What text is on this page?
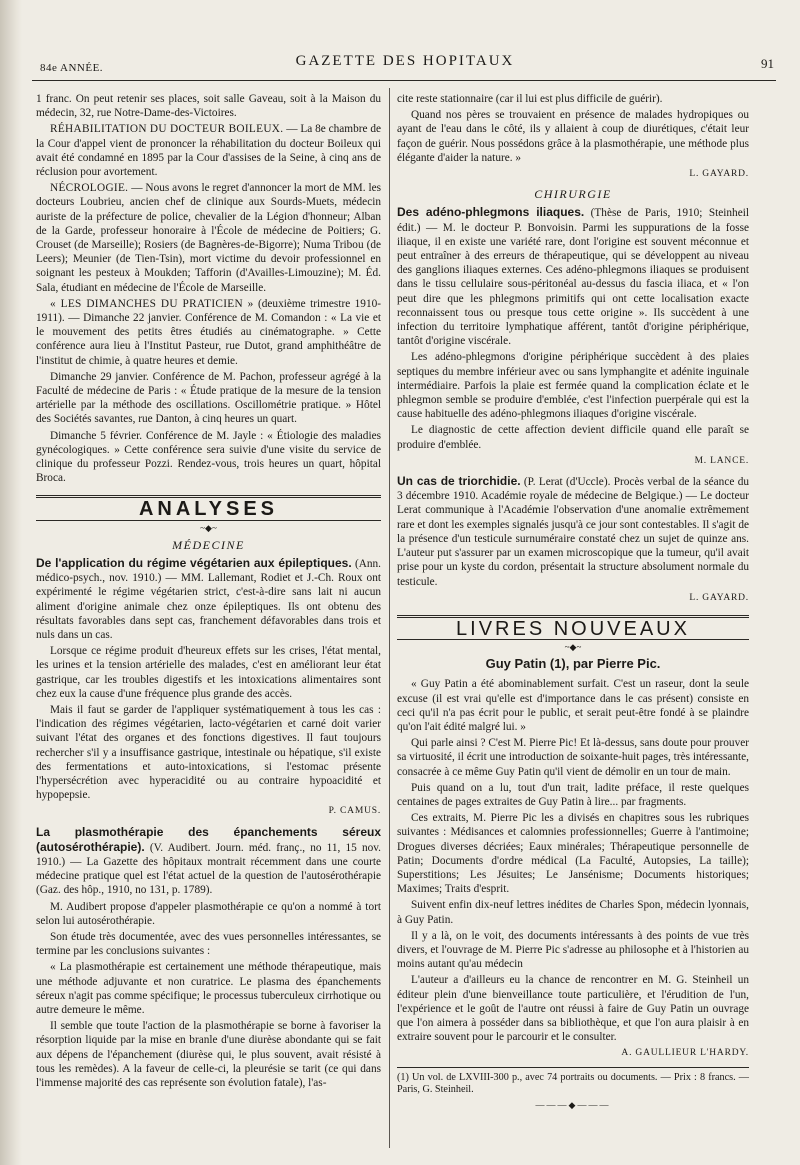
84e ANNÉE.	GAZETTE DES HOPITAUX	91

1 franc. On peut retenir ses places, soit salle Gaveau, soit à la Maison du médecin, 32, rue Notre-Dame-des-Victoires.

RÉHABILITATION DU DOCTEUR BOILEUX. — La 8e chambre de la Cour d'appel vient de prononcer la réhabilitation du docteur Boileux qui avait été condamné en 1895 par la Cour d'assises de la Seine, à cinq ans de réclusion pour avortement.

NÉCROLOGIE. — Nous avons le regret d'annoncer la mort de MM. les docteurs Loubrieu, ancien chef de clinique aux Sourds-Muets, médecin auriste de la préfecture de police, chevalier de la Légion d'honneur; Alban de la Garde, professeur honoraire à l'École de médecine de Poitiers; G. Crouset (de Marseille); Rosiers (de Bagnères-de-Bigorre); Numa Tribou (de Leers); Meunier (de Tien-Tsin), mort victime du devoir professionnel en soignant les pesteux à Moukden; Tafforin (d'Availles-Limouzine); M. Éd. Sala, étudiant en médecine de l'École de Marseille.

« LES DIMANCHES DU PRATICIEN » (deuxième trimestre 1910-1911). — Dimanche 22 janvier. Conférence de M. Comandon : « La vie et le mouvement des petits êtres étudiés au cinématographe. » Cette conférence aura lieu à l'Institut Pasteur, rue Dutot, grand amphithéâtre de l'institut de chimie, à quatre heures et demie.

Dimanche 29 janvier. Conférence de M. Pachon, professeur agrégé à la Faculté de médecine de Paris : « Étude pratique de la mesure de la tension artérielle par la méthode des oscillations. Oscillométrie pratique. » Hôtel des Sociétés savantes, rue Danton, à cinq heures un quart.

Dimanche 5 février. Conférence de M. Jayle : « Étiologie des maladies gynécologiques. » Cette conférence sera suivie d'une visite du service de clinique du professeur Pozzi. Rendez-vous, trois heures un quart, hôpital Broca.

ANALYSES
~◆~
MÉDECINE

De l'application du régime végétarien aux épileptiques. (Ann. médico-psych., nov. 1910.) — MM. Lallemant, Rodiet et J.-Ch. Roux ont expérimenté le régime végétarien strict, c'est-à-dire sans lait ni aucun aliment d'origine animale chez onze épileptiques. Ils ont obtenu des résultats favorables dans sept cas, franchement défavorables dans trois et nuls dans un cas.

Lorsque ce régime produit d'heureux effets sur les crises, l'état mental, les urines et la tension artérielle des malades, c'est en améliorant leur état gastrique, car les troubles digestifs et les intoxications alimentaires sont chez eux la cause d'une fréquence plus grande des accès.

Mais il faut se garder de l'appliquer systématiquement à tous les cas : l'indication des régimes végétarien, lacto-végétarien et carné doit varier suivant l'état des organes et des fonctions digestives. Il faut toujours rechercher s'il y a insuffisance gastrique, intestinale ou hépatique, s'il existe des fermentations et auto-intoxications, si l'estomac présente l'hypersécrétion avec hyperacidité ou au contraire hypoacidité et hypopepsie.

P. CAMUS.

La plasmothérapie des épanchements séreux (autosérothérapie). (V. Audibert. Journ. méd. franç., no 11, 15 nov. 1910.) — La Gazette des hôpitaux montrait récemment dans une courte médecine pratique quel est l'état actuel de la question de l'autosérothérapie (Gaz. des hôp., 1910, no 131, p. 1789).

M. Audibert propose d'appeler plasmothérapie ce qu'on a nommé à tort selon lui autosérothérapie.

Son étude très documentée, avec des vues personnelles intéressantes, se termine par les conclusions suivantes :

« La plasmothérapie est certainement une méthode thérapeutique, mais une méthode adjuvante et non curatrice. Le plasma des épanchements séreux n'agit pas comme spécifique; le processus tuberculeux cirrhotique ou autre demeure le même.

Il semble que toute l'action de la plasmothérapie se borne à favoriser la résorption liquide par la mise en branle d'une diurèse abondante qui se fait aux dépens de l'épanchement (diurèse qui, le plus souvent, avait résisté à tous les remèdes). A la faveur de celle-ci, la pleurésie se tarit (ce qui dans l'immense majorité des cas représente son évolution fatale), l'as-

cite reste stationnaire (car il lui est plus difficile de guérir).

Quand nos pères se trouvaient en présence de malades hydropiques ou ayant de l'eau dans le côté, ils y allaient à coup de diurétiques, c'était leur façon de guérir. Nous possédons grâce à la plasmothérapie, une méthode plus élégante d'aider la nature. »

L. GAYARD.

CHIRURGIE

Des adéno-phlegmons iliaques. (Thèse de Paris, 1910; Steinheil édit.) — M. le docteur P. Bonvoisin. Parmi les suppurations de la fosse iliaque, il en existe une variété rare, dont l'origine est souvent méconnue et peut entraîner à des erreurs de thérapeutique, qui se développent au niveau des ganglions iliaques externes. Ces adéno-phlegmons iliaques se produisent dans le tissu cellulaire sous-péritonéal au-dessus du fascia iliaca, et « l'on peut dire que les phlegmons primitifs qui ont cette localisation exacte reconnaissent tous ou presque tous cette origine ». Ils succèdent à une infection du territoire lymphatique afférent, tantôt d'origine périphérique, tantôt d'origine viscérale.

Les adéno-phlegmons d'origine périphérique succèdent à des plaies septiques du membre inférieur avec ou sans lymphangite et adénite inguinale intermédiaire. Parfois la plaie est fermée quand la complication éclate et le phlegmon semble se produire d'emblée, c'est l'infection puerpérale qui est la cause habituelle des adéno-phlegmons iliaques d'origine viscérale.

Le diagnostic de cette affection devient difficile quand elle paraît se produire d'emblée.

M. LANCE.

Un cas de triorchidie. (P. Lerat (d'Uccle). Procès verbal de la séance du 3 décembre 1910. Académie royale de médecine de Belgique.) — Le docteur Lerat communique à l'Académie l'observation d'une anomalie extrêmement rare et dont les exemples signalés jusqu'à ce jour sont contestables. Il s'agit de la présence d'un testicule surnuméraire constaté chez un sujet de quinze ans. L'auteur put s'assurer par un examen microscopique que la tumeur, qu'il avait prise pour un kyste du cordon, présentait la structure absolument normale du testicule.

L. GAYARD.

LIVRES NOUVEAUX
~◆~
Guy Patin (1), par Pierre Pic.

« Guy Patin a été abominablement surfait. C'est un raseur, dont la seule excuse (il est vrai qu'elle est d'importance dans le cas présent) consiste en ceci qu'il n'a pas écrit pour le public, et serait peut-être fondé à se plaindre qu'on l'ait édité malgré lui. »

Qui parle ainsi ? C'est M. Pierre Pic! Et là-dessus, sans doute pour prouver sa virtuosité, il écrit une introduction de soixante-huit pages, très intéressante, consacrée à ce même Guy Patin qu'il vient de démolir en un tour de main.

Puis quand on a lu, tout d'un trait, ladite préface, il reste quelques centaines de pages extraites de Guy Patin à lire... par fragments.

Ces extraits, M. Pierre Pic les a divisés en chapitres sous les rubriques suivantes : Médisances et calomnies professionnelles; Guerre à l'antimoine; Drogues diverses décriées; Eaux minérales; Thérapeutique personnelle de Patin; Documents d'ordre médical (La Faculté, Autopsies, La taille); Superstitions; Les Jésuites; Le Jansénisme; Documents historiques; Maximes; Traits d'esprit.

Suivent enfin dix-neuf lettres inédites de Charles Spon, médecin lyonnais, à Guy Patin.

Il y a là, on le voit, des documents intéressants à des points de vue très divers, et l'ouvrage de M. Pierre Pic s'adresse au philosophe et à l'historien au moins autant qu'au médecin

L'auteur a d'ailleurs eu la chance de rencontrer en M. G. Steinheil un éditeur plein d'une bienveillance toute particulière, et l'érudition de l'un, l'expérience et le goût de l'autre ont réussi à faire de Guy Patin un ouvrage que l'on aimera à posséder dans sa bibliothèque, et que l'on aura plaisir à en extraire souvent pour le parcourir et le consulter.

A. GAULLIEUR L'HARDY.

(1) Un vol. de LXVIII-300 p., avec 74 portraits ou documents. — Prix : 8 francs. — Paris, G. Steinheil.

———◆———
